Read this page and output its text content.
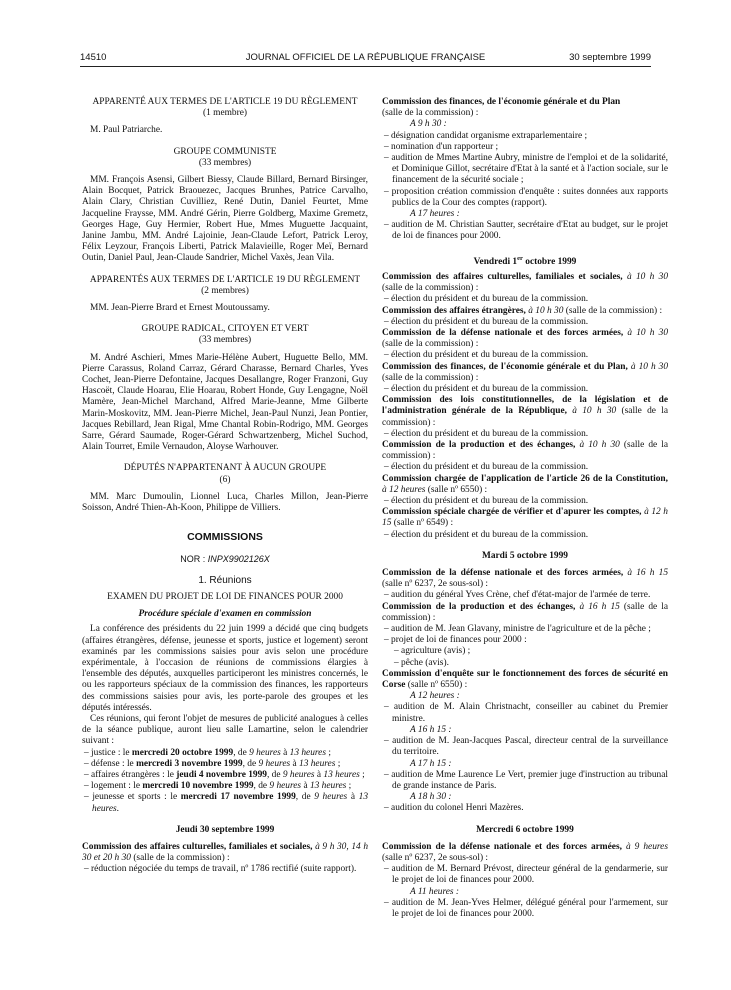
14510	JOURNAL OFFICIEL DE LA RÉPUBLIQUE FRANÇAISE	30 septembre 1999

APPARENTÉ AUX TERMES DE L'ARTICLE 19 DU RÈGLEMENT

(1 membre)

M. Paul Patriarche.

GROUPE COMMUNISTE

(33 membres)

MM. François Asensi, Gilbert Biessy, Claude Billard, Bernard Birsinger, Alain Bocquet, Patrick Braouezec, Jacques Brunhes, Patrice Carvalho, Alain Clary, Christian Cuvilliez, René Dutin, Daniel Feurtet, Mme Jacqueline Fraysse, MM. André Gérin, Pierre Goldberg, Maxime Gremetz, Georges Hage, Guy Hermier, Robert Hue, Mmes Muguette Jacquaint, Janine Jambu, MM. André Lajoinie, Jean-Claude Lefort, Patrick Leroy, Félix Leyzour, François Liberti, Patrick Malavieille, Roger Meï, Bernard Outin, Daniel Paul, Jean-Claude Sandrier, Michel Vaxès, Jean Vila.

APPARENTÉS AUX TERMES DE L'ARTICLE 19 DU RÈGLEMENT

(2 membres)

MM. Jean-Pierre Brard et Ernest Moutoussamy.

GROUPE RADICAL, CITOYEN ET VERT

(33 membres)

M. André Aschieri, Mmes Marie-Hélène Aubert, Huguette Bello, MM. Pierre Carassus, Roland Carraz, Gérard Charasse, Bernard Charles, Yves Cochet, Jean-Pierre Defontaine, Jacques Desallangre, Roger Franzoni, Guy Hascoët, Claude Hoarau, Elie Hoarau, Robert Honde, Guy Lengagne, Noël Mamère, Jean-Michel Marchand, Alfred Marie-Jeanne, Mme Gilberte Marin-Moskovitz, MM. Jean-Pierre Michel, Jean-Paul Nunzi, Jean Pontier, Jacques Rebillard, Jean Rigal, Mme Chantal Robin-Rodrigo, MM. Georges Sarre, Gérard Saumade, Roger-Gérard Schwartzenberg, Michel Suchod, Alain Tourret, Emile Vernaudon, Aloyse Warhouver.

DÉPUTÉS N'APPARTENANT À AUCUN GROUPE

(6)

MM. Marc Dumoulin, Lionnel Luca, Charles Millon, Jean-Pierre Soisson, André Thien-Ah-Koon, Philippe de Villiers.

COMMISSIONS

NOR : INPX9902126X

1. Réunions

EXAMEN DU PROJET DE LOI DE FINANCES POUR 2000

Procédure spéciale d'examen en commission

La conférence des présidents du 22 juin 1999 a décidé que cinq budgets (affaires étrangères, défense, jeunesse et sports, justice et logement) seront examinés par les commissions saisies pour avis selon une procédure expérimentale, à l'occasion de réunions de commissions élargies à l'ensemble des députés, auxquelles participeront les ministres concernés, le ou les rapporteurs spéciaux de la commission des finances, les rapporteurs des commissions saisies pour avis, les porte-parole des groupes et les députés intéressés.

Ces réunions, qui feront l'objet de mesures de publicité analogues à celles de la séance publique, auront lieu salle Lamartine, selon le calendrier suivant :

– justice : le mercredi 20 octobre 1999, de 9 heures à 13 heures ;

– défense : le mercredi 3 novembre 1999, de 9 heures à 13 heures ;

– affaires étrangères : le jeudi 4 novembre 1999, de 9 heures à 13 heures ;

– logement : le mercredi 10 novembre 1999, de 9 heures à 13 heures ;

– jeunesse et sports : le mercredi 17 novembre 1999, de 9 heures à 13 heures.

Jeudi 30 septembre 1999

Commission des affaires culturelles, familiales et sociales, à 9 h 30, 14 h 30 et 20 h 30 (salle de la commission) :

– réduction négociée du temps de travail, nº 1786 rectifié (suite rapport).

Commission des finances, de l'économie générale et du Plan

(salle de la commission) :

A 9 h 30 :

– désignation candidat organisme extraparlementaire ;

– nomination d'un rapporteur ;

– audition de Mmes Martine Aubry, ministre de l'emploi et de la solidarité, et Dominique Gillot, secrétaire d'Etat à la santé et à l'action sociale, sur le financement de la sécurité sociale ;

– proposition création commission d'enquête : suites données aux rapports publics de la Cour des comptes (rapport).

A 17 heures :

– audition de M. Christian Sautter, secrétaire d'Etat au budget, sur le projet de loi de finances pour 2000.

Vendredi 1er octobre 1999

Commission des affaires culturelles, familiales et sociales, à 10 h 30 (salle de la commission) :

– élection du président et du bureau de la commission.

Commission des affaires étrangères, à 10 h 30 (salle de la commission) :

– élection du président et du bureau de la commission.

Commission de la défense nationale et des forces armées, à 10 h 30 (salle de la commission) :

– élection du président et du bureau de la commission.

Commission des finances, de l'économie générale et du Plan, à 10 h 30 (salle de la commission) :

– élection du président et du bureau de la commission.

Commission des lois constitutionnelles, de la législation et de l'administration générale de la République, à 10 h 30 (salle de la commission) :

– élection du président et du bureau de la commission.

Commission de la production et des échanges, à 10 h 30 (salle de la commission) :

– élection du président et du bureau de la commission.

Commission chargée de l'application de l'article 26 de la Constitution, à 12 heures (salle nº 6550) :

– élection du président et du bureau de la commission.

Commission spéciale chargée de vérifier et d'apurer les comptes, à 12 h 15 (salle nº 6549) :

– élection du président et du bureau de la commission.

Mardi 5 octobre 1999

Commission de la défense nationale et des forces armées, à 16 h 15 (salle nº 6237, 2e sous-sol) :

– audition du général Yves Crène, chef d'état-major de l'armée de terre.

Commission de la production et des échanges, à 16 h 15 (salle de la commission) :

– audition de M. Jean Glavany, ministre de l'agriculture et de la pêche ;

– projet de loi de finances pour 2000 :

– agriculture (avis) ;

– pêche (avis).

Commission d'enquête sur le fonctionnement des forces de sécurité en Corse (salle nº 6550) :

A 12 heures :

– audition de M. Alain Christnacht, conseiller au cabinet du Premier ministre.

A 16 h 15 :

– audition de M. Jean-Jacques Pascal, directeur central de la surveillance du territoire.

A 17 h 15 :

– audition de Mme Laurence Le Vert, premier juge d'instruction au tribunal de grande instance de Paris.

A 18 h 30 :

– audition du colonel Henri Mazères.

Mercredi 6 octobre 1999

Commission de la défense nationale et des forces armées, à 9 heures (salle nº 6237, 2e sous-sol) :

– audition de M. Bernard Prévost, directeur général de la gendarmerie, sur le projet de loi de finances pour 2000.

A 11 heures :

– audition de M. Jean-Yves Helmer, délégué général pour l'armement, sur le projet de loi de finances pour 2000.
